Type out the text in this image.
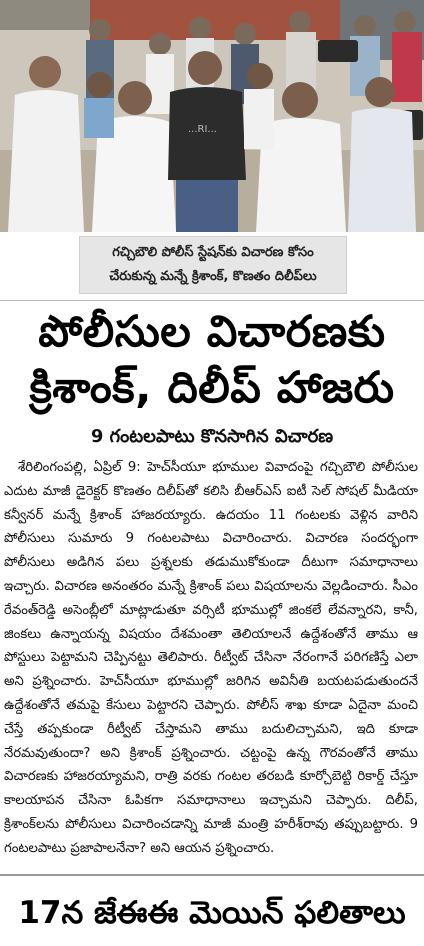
...RI...
గచ్చిబౌలి పోలీస్‌ స్టేషన్‌కు విచారణ కోసం
చేరుకున్న మన్నే క్రిశాంక్‌, కొణతం దిలీప్‌లు
పోలీసుల విచారణకు
క్రిశాంక్‌, దిలీప్‌ హాజరు
9 గంటలపాటు కొనసాగిన విచారణ

శేరిలింగంపల్లి, ఏప్రిల్‌ 9: హెచ్‌సీయూ భూముల వివాదంపై గచ్చిబౌలి పోలీసుల ఎదుట మాజీ డైరెక్టర్‌ కొణతం దిలీప్‌తో కలిసి బీఆర్‌ఎస్‌ ఐటీ సెల్‌ సోషల్‌ మీడియా కన్వీనర్‌ మన్నే క్రిశాంక్‌ హాజరయ్యారు. ఉదయం 11 గంటలకు వెళ్లిన వారిని పోలీసులు సుమారు 9 గంటలపాటు విచారించారు. విచారణ సందర్భంగా పోలీసులు అడిగిన పలు ప్రశ్నలకు తడుముకోకుండా దీటుగా సమాధానాలు ఇచ్చారు. విచారణ అనంతరం మన్నే క్రిశాంక్‌ పలు విషయాలను వెల్లడించారు. సీఎం రేవంత్‌రెడ్డి అసెంబ్లీలో మాట్లాడుతూ వర్సిటీ భూముల్లో జింకలే లేవన్నారని, కానీ, జింకలు ఉన్నాయన్న విషయం దేశమంతా తెలియాలనే ఉద్దేశంతోనే తాము ఆ పోస్టులు పెట్టామని చెప్పినట్టు తెలిపారు. రీట్వీట్‌ చేసినా నేరంగానే పరిగణిస్తే ఎలా అని ప్రశ్నించారు. హెచ్‌సీయూ భూముల్లో జరిగిన అవినీతి బయటపడుతుందనే ఉద్దేశంతోనే తమపై కేసులు పెట్టారని చెప్పారు. పోలీస్‌ శాఖ కూడా ఏదైనా మంచి చేస్తే తప్పకుండా రీట్వీట్‌ చేస్తామని తాము బదులిచ్చామని, ఇది కూడా నేరమవుతుందా? అని క్రిశాంక్‌ ప్రశ్నించారు. చట్టంపై ఉన్న గౌరవంతోనే తాము విచారణకు హాజరయ్యామని, రాత్రి వరకు గంటల తరబడి కూర్చోబెట్టి రికార్డ్‌ చేస్తూ కాలయాపన చేసినా ఓపికగా సమాధానాలు ఇచ్చామని చెప్పారు. దిలీప్‌, క్రిశాంక్‌లను పోలీసులు విచారించడాన్ని మాజీ మంత్రి హరీశ్‌రావు తప్పుబట్టారు. 9 గంటలపాటు ప్రజాపాలనేనా? అని ఆయన ప్రశ్నించారు.

17న జేఈఈ మెయిన్‌ ఫలితాలు
